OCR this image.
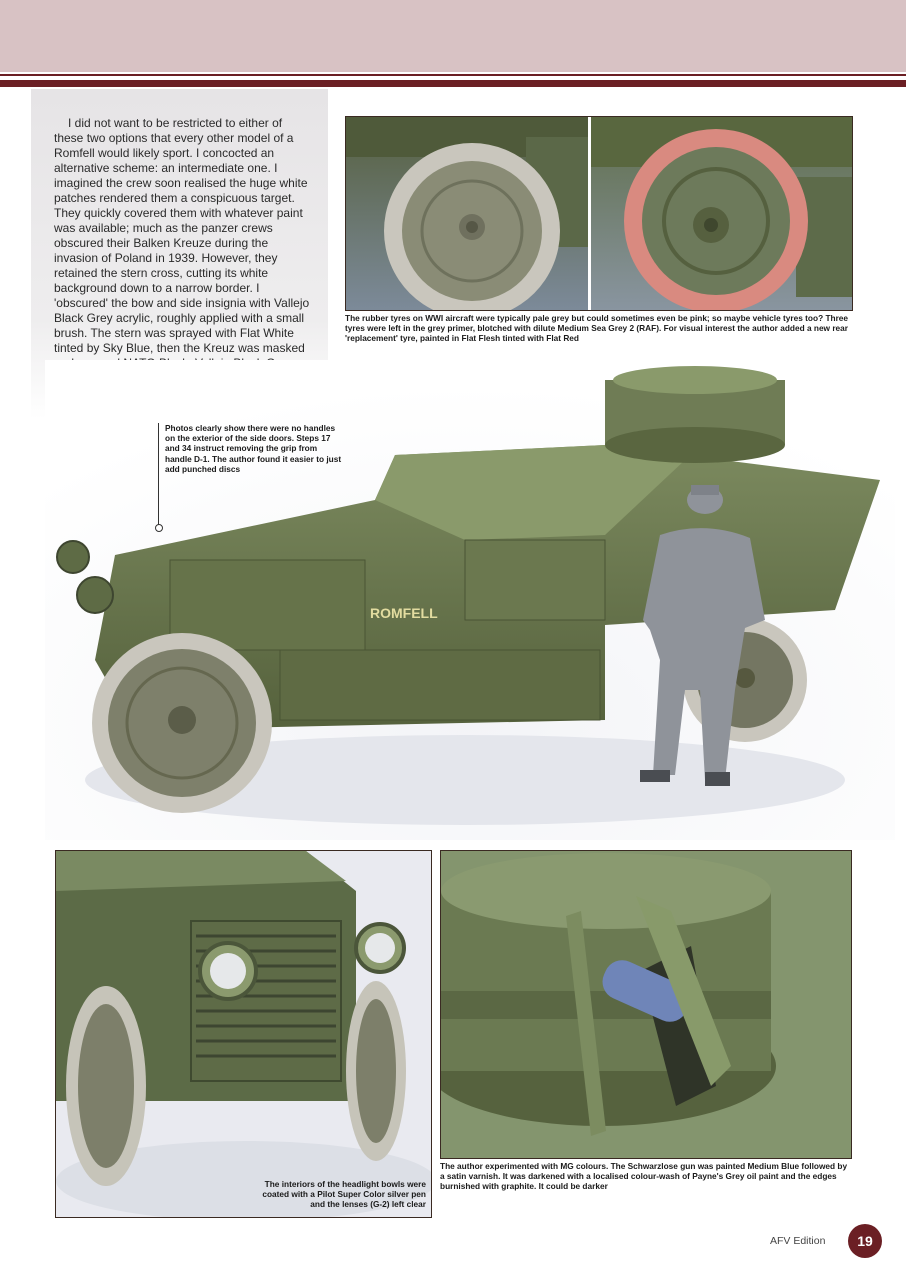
I did not want to be restricted to either of these two options that every other model of a Romfell would likely sport. I concocted an alternative scheme: an intermediate one. I imagined the crew soon realised the huge white patches rendered them a conspicuous target. They quickly covered them with whatever paint was available; much as the panzer crews obscured their Balken Kreuze during the invasion of Poland in 1939. However, they retained the stern cross, cutting its white background down to a narrow border. I 'obscured' the bow and side insignia with Vallejo Black Grey acrylic, roughly applied with a small brush. The stern was sprayed with Flat White tinted by Sky Blue, then the Kreuz was masked

The rubber tyres on WWI aircraft were typically pale grey but could sometimes even be pink; so maybe vehicle tyres too? Three tyres were left in the grey primer, blotched with dilute Medium Sea Grey 2 (RAF). For visual interest the author added a new rear 'replacement' tyre, painted in Flat Flesh tinted with Flat Red

ROMFELL

Photos clearly show there were no handles on the exterior of the side doors. Steps 17 and 34 instruct removing the grip from handle D-1. The author found it easier to just add punched discs

The interiors of the headlight bowls were coated with a Pilot Super Color silver pen and the lenses (G-2) left clear

The author experimented with MG colours. The Schwarzlose gun was painted Medium Blue followed by a satin varnish. It was darkened with a localised colour-wash of Payne's Grey oil paint and the edges burnished with graphite. It could be darker

AFV Edition	19
